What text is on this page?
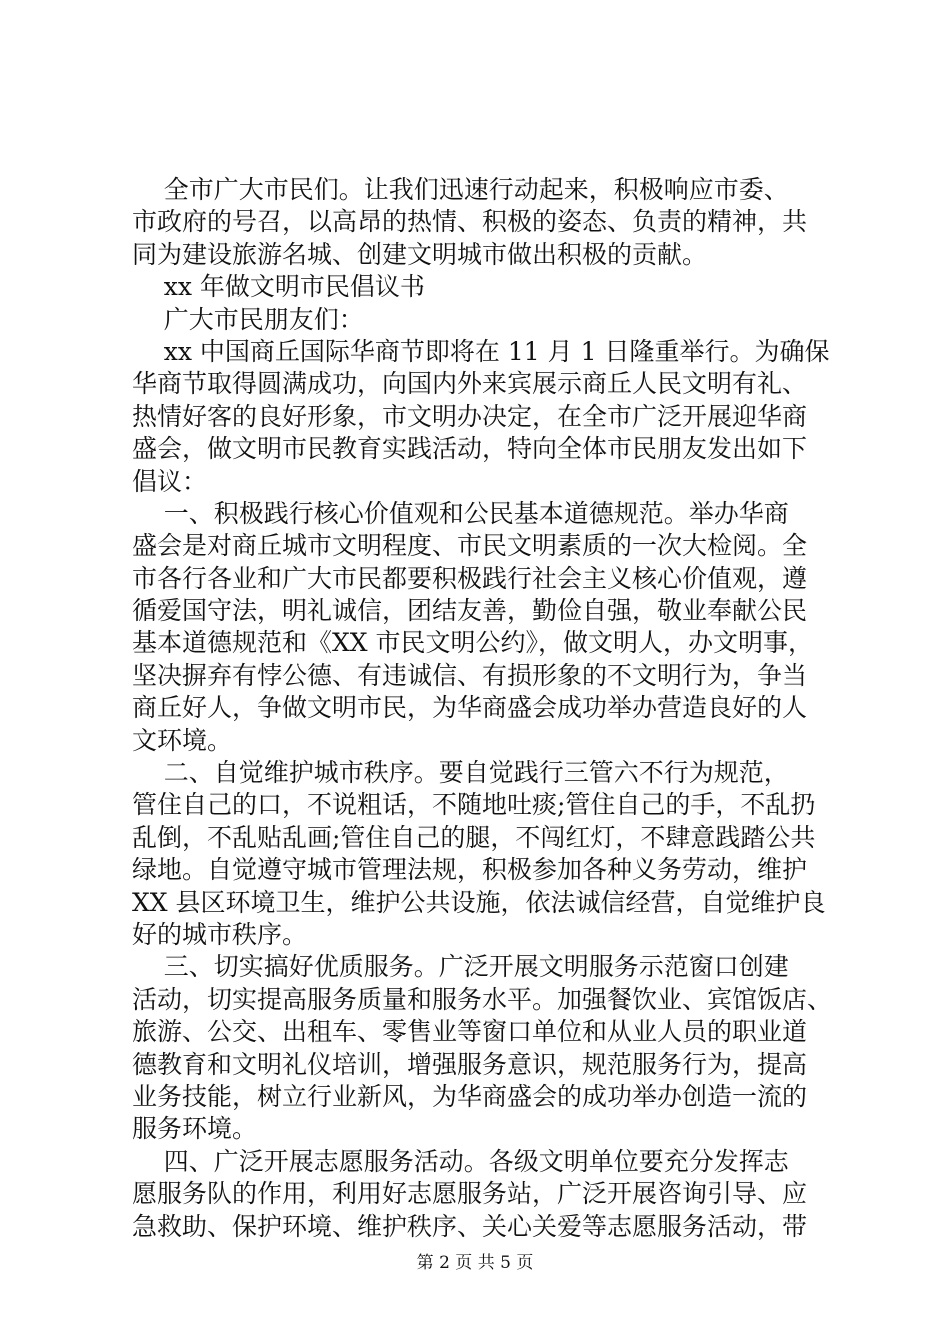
全市广大市民们。让我们迅速行动起来，积极响应市委、
市政府的号召，以高昂的热情、积极的姿态、负责的精神，共
同为建设旅游名城、创建文明城市做出积极的贡献。
xx 年做文明市民倡议书
广大市民朋友们：
xx 中国商丘国际华商节即将在 11 月 1 日隆重举行。为确保
华商节取得圆满成功，向国内外来宾展示商丘人民文明有礼、
热情好客的良好形象，市文明办决定，在全市广泛开展迎华商
盛会，做文明市民教育实践活动，特向全体市民朋友发出如下
倡议：
一、积极践行核心价值观和公民基本道德规范。举办华商
盛会是对商丘城市文明程度、市民文明素质的一次大检阅。全
市各行各业和广大市民都要积极践行社会主义核心价值观，遵
循爱国守法，明礼诚信，团结友善，勤俭自强，敬业奉献公民
基本道德规范和《XX 市民文明公约》，做文明人，办文明事，
坚决摒弃有悖公德、有违诚信、有损形象的不文明行为，争当
商丘好人，争做文明市民，为华商盛会成功举办营造良好的人
文环境。
二、自觉维护城市秩序。要自觉践行三管六不行为规范，
管住自己的口，不说粗话，不随地吐痰;管住自己的手，不乱扔
乱倒，不乱贴乱画;管住自己的腿，不闯红灯，不肆意践踏公共
绿地。自觉遵守城市管理法规，积极参加各种义务劳动，维护
XX 县区环境卫生，维护公共设施，依法诚信经营，自觉维护良
好的城市秩序。
三、切实搞好优质服务。广泛开展文明服务示范窗口创建
活动，切实提高服务质量和服务水平。加强餐饮业、宾馆饭店、
旅游、公交、出租车、零售业等窗口单位和从业人员的职业道
德教育和文明礼仪培训，增强服务意识，规范服务行为，提高
业务技能，树立行业新风，为华商盛会的成功举办创造一流的
服务环境。
四、广泛开展志愿服务活动。各级文明单位要充分发挥志
愿服务队的作用，利用好志愿服务站，广泛开展咨询引导、应
急救助、保护环境、维护秩序、关心关爱等志愿服务活动，带
第 2 页 共 5 页
